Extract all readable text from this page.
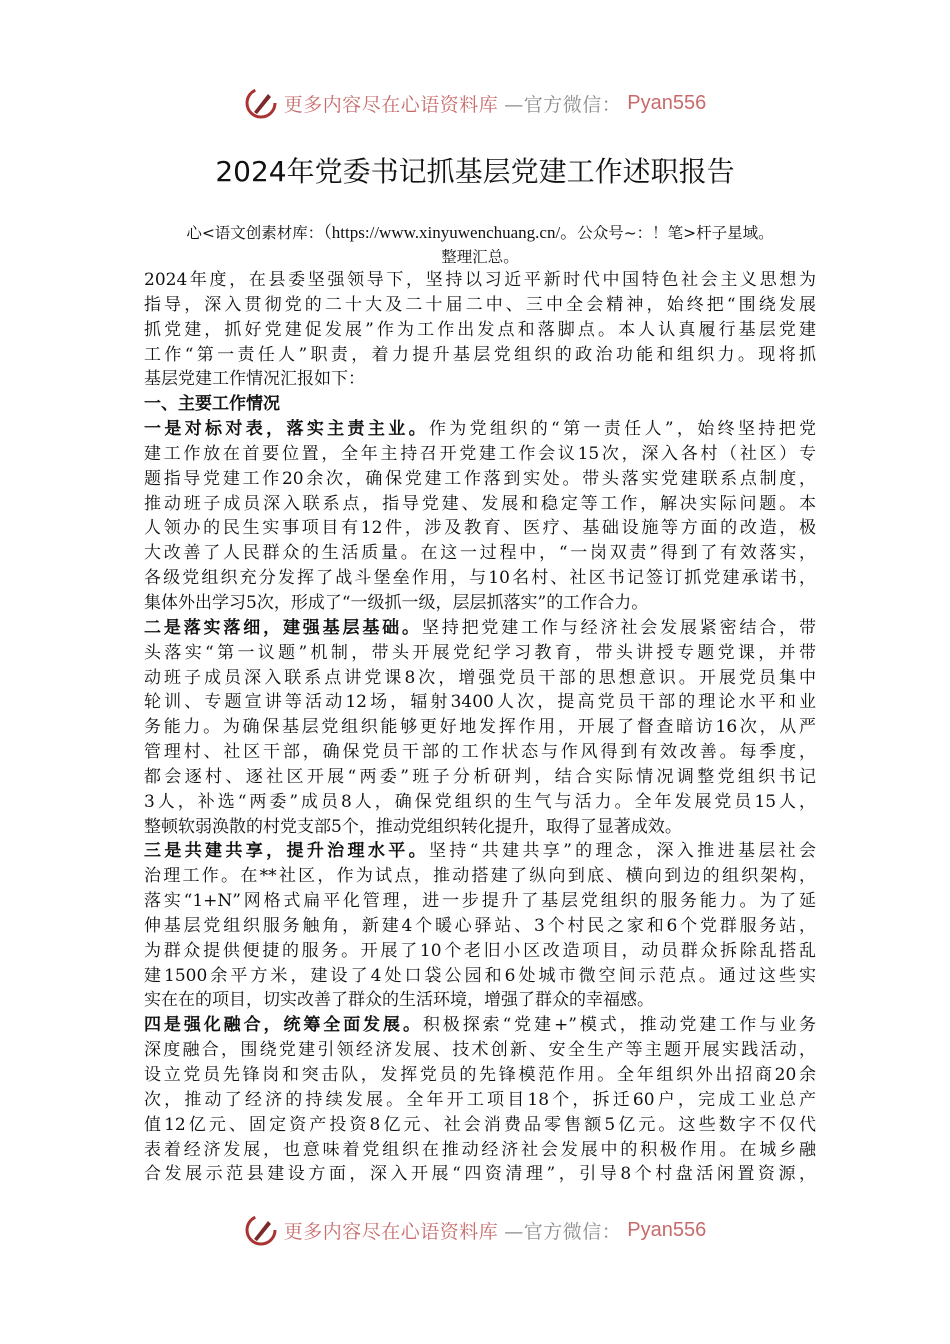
更多内容尽在心语资料库 —官方微信： Pyan556
2024年党委书记抓基层党建工作述职报告
心<语文创素材库：（https://www.xinyuwenchuang.cn/。公众号~：！笔>杆子星域。
整理汇总。
2024年度，在县委坚强领导下，坚持以习近平新时代中国特色社会主义思想为
指导，深入贯彻党的二十大及二十届二中、三中全会精神，始终把“围绕发展
抓党建，抓好党建促发展”作为工作出发点和落脚点。本人认真履行基层党建
工作“第一责任人”职责，着力提升基层党组织的政治功能和组织力。现将抓
基层党建工作情况汇报如下：
一、主要工作情况
一是对标对表，落实主责主业。作为党组织的“第一责任人”，始终坚持把党
建工作放在首要位置，全年主持召开党建工作会议15次，深入各村（社区）专
题指导党建工作20余次，确保党建工作落到实处。带头落实党建联系点制度，
推动班子成员深入联系点，指导党建、发展和稳定等工作，解决实际问题。本
人领办的民生实事项目有12件，涉及教育、医疗、基础设施等方面的改造，极
大改善了人民群众的生活质量。在这一过程中，“一岗双责”得到了有效落实，
各级党组织充分发挥了战斗堡垒作用，与10名村、社区书记签订抓党建承诺书，
集体外出学习5次，形成了“一级抓一级，层层抓落实”的工作合力。
二是落实落细，建强基层基础。坚持把党建工作与经济社会发展紧密结合，带
头落实“第一议题”机制，带头开展党纪学习教育，带头讲授专题党课，并带
动班子成员深入联系点讲党课8次，增强党员干部的思想意识。开展党员集中
轮训、专题宣讲等活动12场，辐射3400人次，提高党员干部的理论水平和业
务能力。为确保基层党组织能够更好地发挥作用，开展了督查暗访16次，从严
管理村、社区干部，确保党员干部的工作状态与作风得到有效改善。每季度，
都会逐村、逐社区开展“两委”班子分析研判，结合实际情况调整党组织书记
3人，补选“两委”成员8人，确保党组织的生气与活力。全年发展党员15人，
整顿软弱涣散的村党支部5个，推动党组织转化提升，取得了显著成效。
三是共建共享，提升治理水平。坚持“共建共享”的理念，深入推进基层社会
治理工作。在**社区，作为试点，推动搭建了纵向到底、横向到边的组织架构，
落实“1+N”网格式扁平化管理，进一步提升了基层党组织的服务能力。为了延
伸基层党组织服务触角，新建4个暖心驿站、3个村民之家和6个党群服务站，
为群众提供便捷的服务。开展了10个老旧小区改造项目，动员群众拆除乱搭乱
建1500余平方米，建设了4处口袋公园和6处城市微空间示范点。通过这些实
实在在的项目，切实改善了群众的生活环境，增强了群众的幸福感。
四是强化融合，统筹全面发展。积极探索“党建+”模式，推动党建工作与业务
深度融合，围绕党建引领经济发展、技术创新、安全生产等主题开展实践活动，
设立党员先锋岗和突击队，发挥党员的先锋模范作用。全年组织外出招商20余
次，推动了经济的持续发展。全年开工项目18个，拆迁60户，完成工业总产
值12亿元、固定资产投资8亿元、社会消费品零售额5亿元。这些数字不仅代
表着经济发展，也意味着党组织在推动经济社会发展中的积极作用。在城乡融
合发展示范县建设方面，深入开展“四资清理”，引导8个村盘活闲置资源，
更多内容尽在心语资料库 —官方微信： Pyan556
